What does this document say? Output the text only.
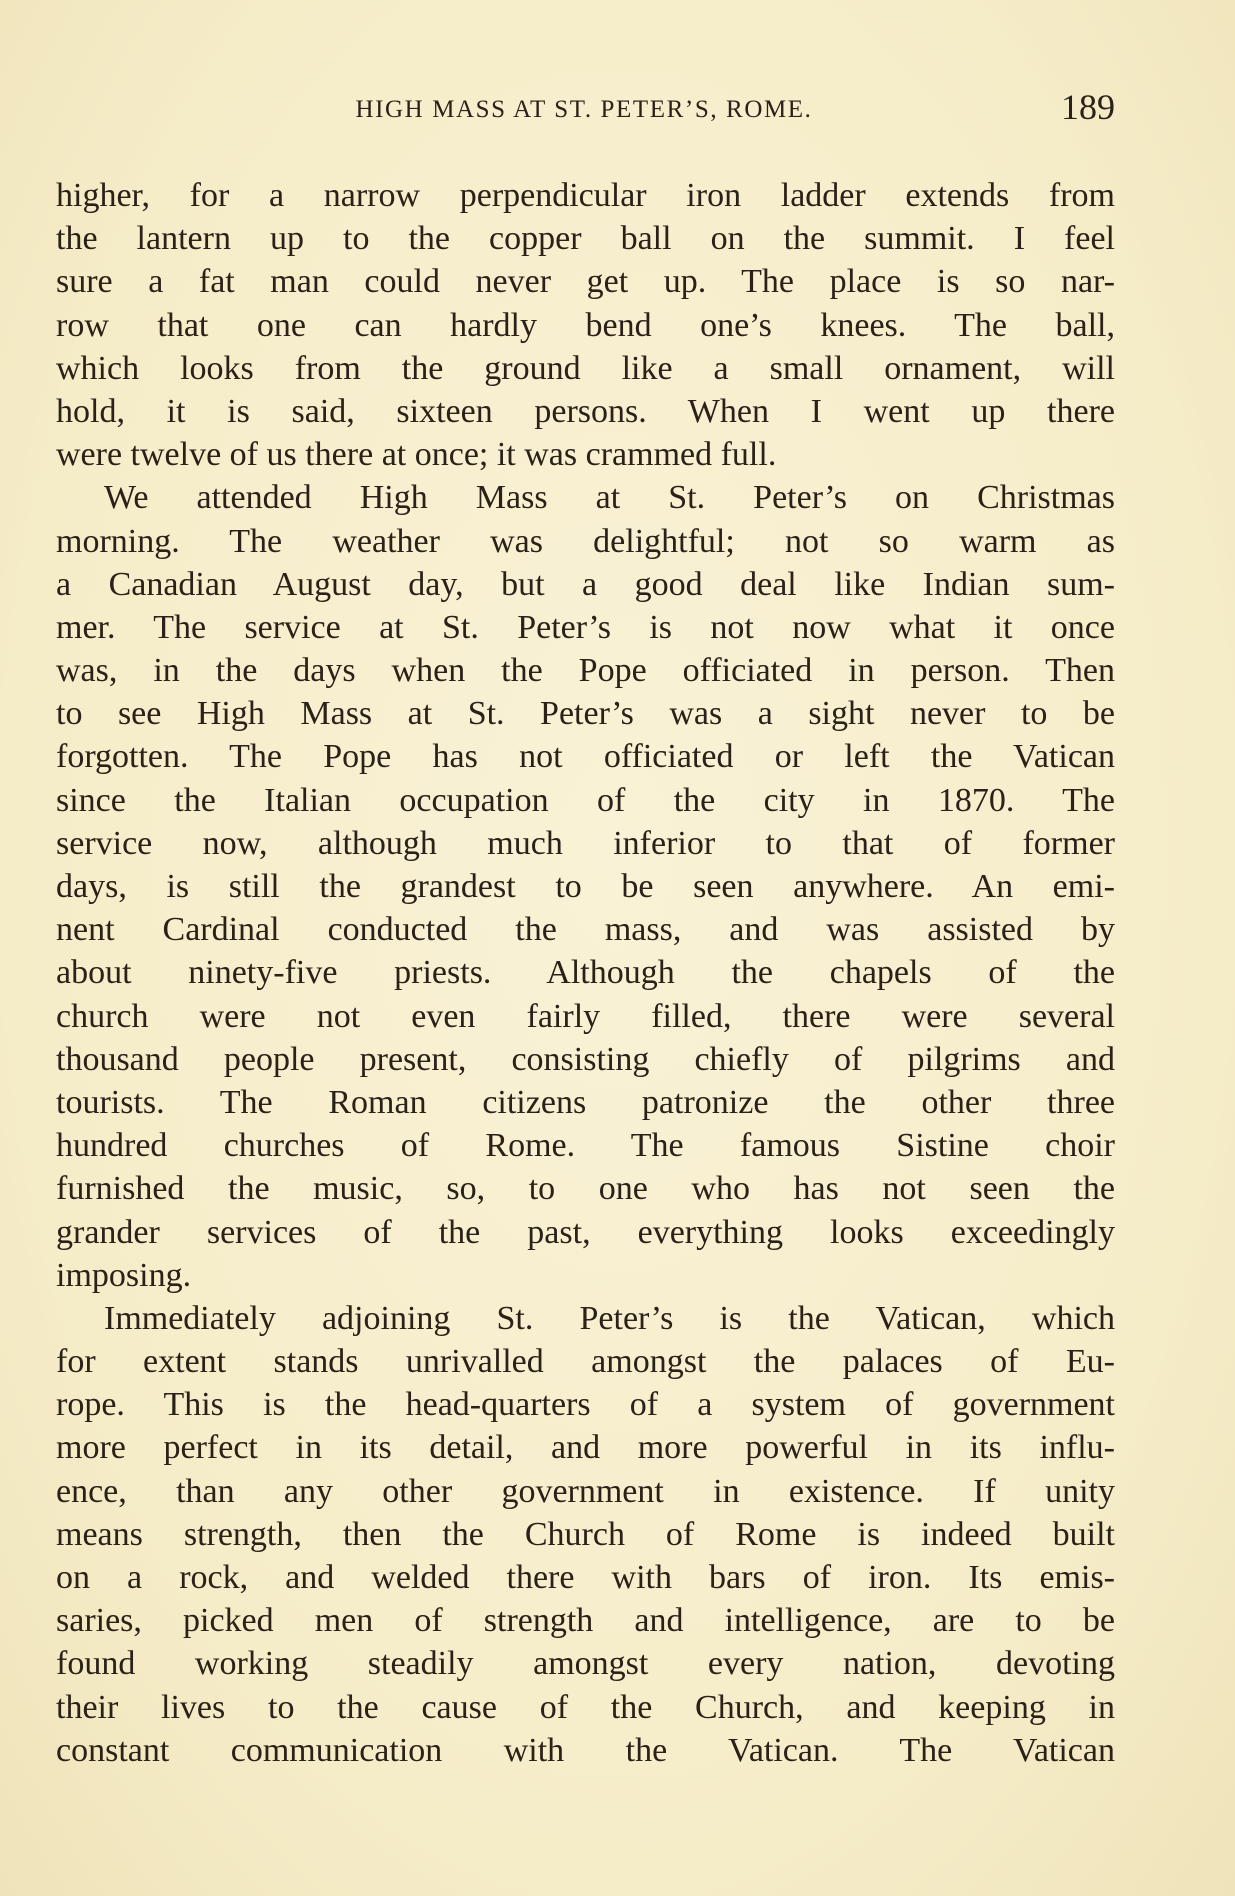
HIGH MASS AT ST. PETER’S, ROME.	189
higher, for a narrow perpendicular iron ladder extends from
the lantern up to the copper ball on the summit. I feel
sure a fat man could never get up. The place is so nar-
row that one can hardly bend one’s knees. The ball,
which looks from the ground like a small ornament, will
hold, it is said, sixteen persons. When I went up there
were twelve of us there at once; it was crammed full.
We attended High Mass at St. Peter’s on Christmas
morning. The weather was delightful; not so warm as
a Canadian August day, but a good deal like Indian sum-
mer. The service at St. Peter’s is not now what it once
was, in the days when the Pope officiated in person. Then
to see High Mass at St. Peter’s was a sight never to be
forgotten. The Pope has not officiated or left the Vatican
since the Italian occupation of the city in 1870. The
service now, although much inferior to that of former
days, is still the grandest to be seen anywhere. An emi-
nent Cardinal conducted the mass, and was assisted by
about ninety-five priests. Although the chapels of the
church were not even fairly filled, there were several
thousand people present, consisting chiefly of pilgrims and
tourists. The Roman citizens patronize the other three
hundred churches of Rome. The famous Sistine choir
furnished the music, so, to one who has not seen the
grander services of the past, everything looks exceedingly
imposing.
Immediately adjoining St. Peter’s is the Vatican, which
for extent stands unrivalled amongst the palaces of Eu-
rope. This is the head-quarters of a system of government
more perfect in its detail, and more powerful in its influ-
ence, than any other government in existence. If unity
means strength, then the Church of Rome is indeed built
on a rock, and welded there with bars of iron. Its emis-
saries, picked men of strength and intelligence, are to be
found working steadily amongst every nation, devoting
their lives to the cause of the Church, and keeping in
constant communication with the Vatican. The Vatican
